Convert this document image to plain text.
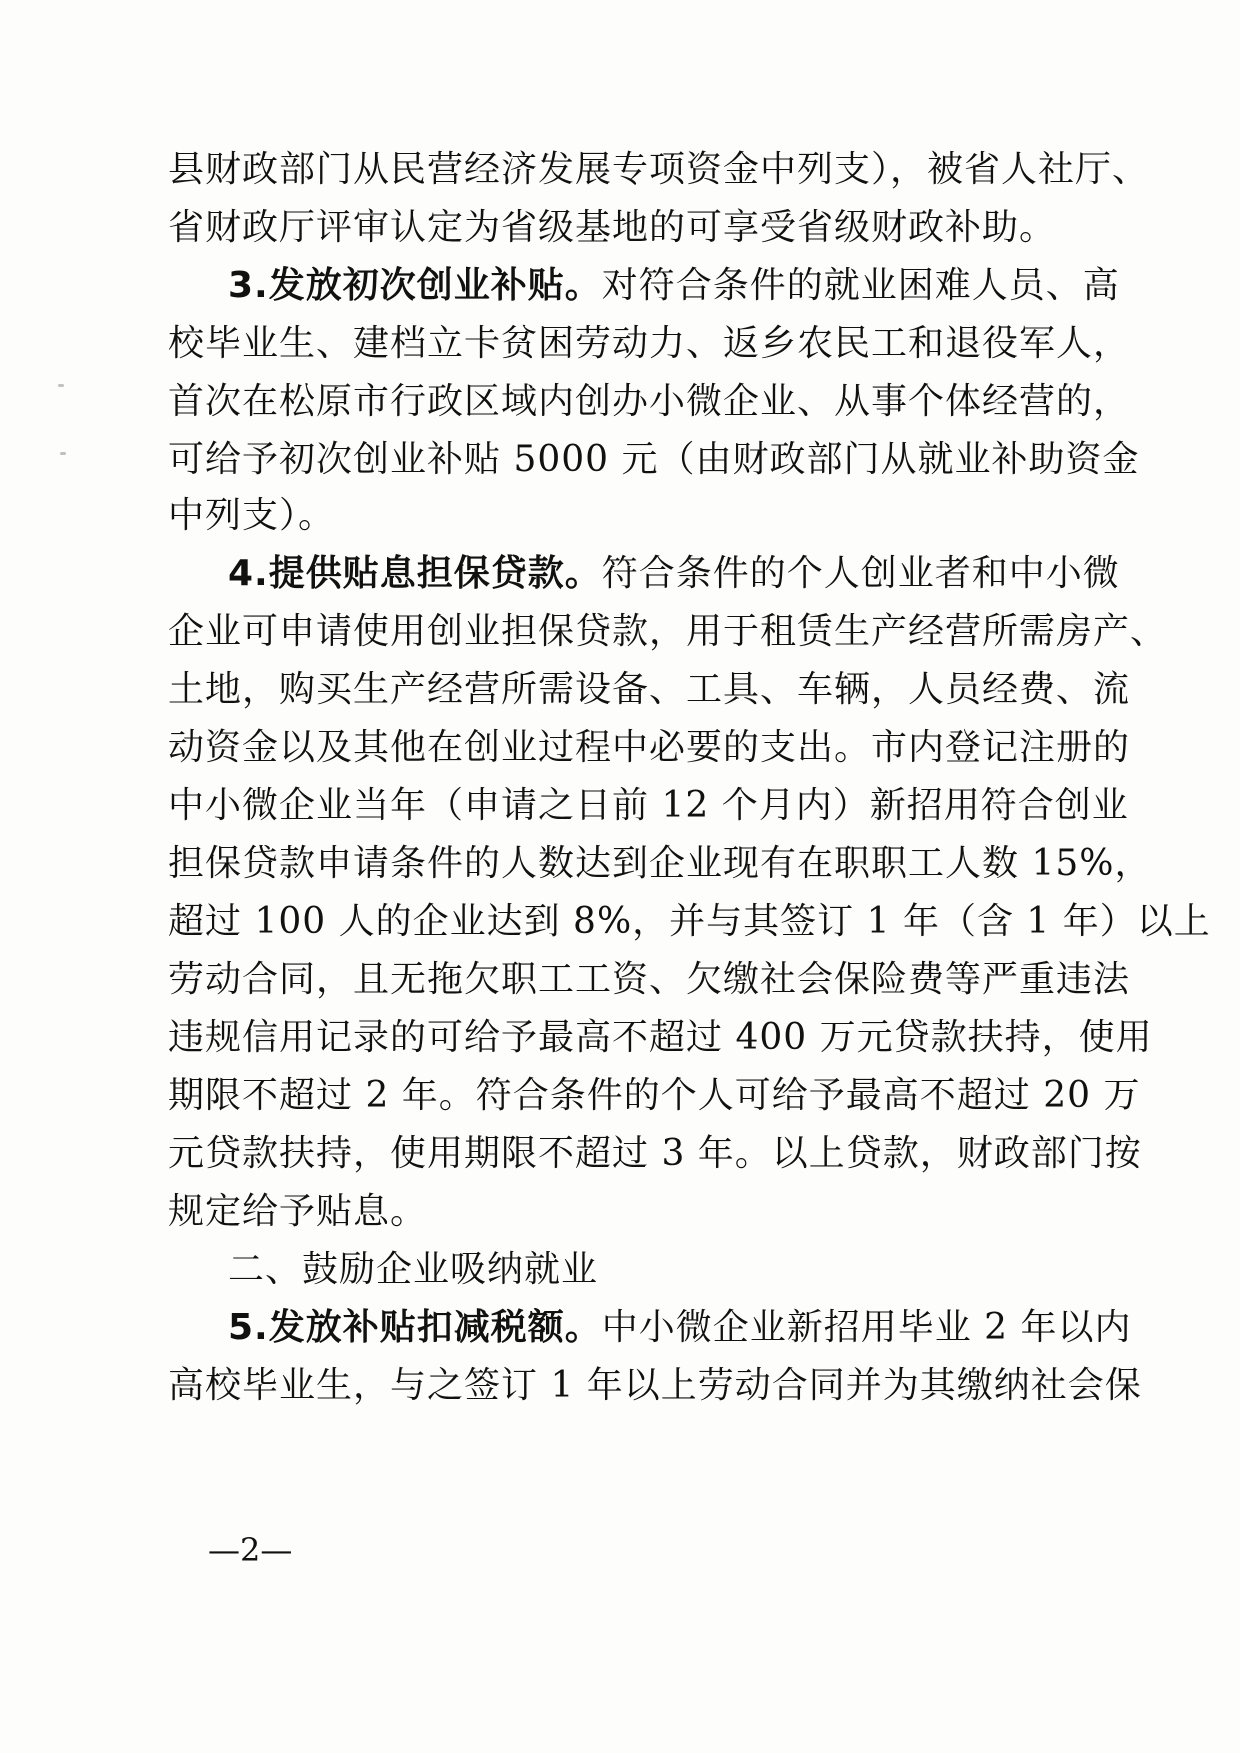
县财政部门从民营经济发展专项资金中列支），被省人社厅、
省财政厅评审认定为省级基地的可享受省级财政补助。
3.发放初次创业补贴。对符合条件的就业困难人员、高
校毕业生、建档立卡贫困劳动力、返乡农民工和退役军人，
首次在松原市行政区域内创办小微企业、从事个体经营的，
可给予初次创业补贴 5000 元（由财政部门从就业补助资金
中列支）。
4.提供贴息担保贷款。符合条件的个人创业者和中小微
企业可申请使用创业担保贷款，用于租赁生产经营所需房产、
土地，购买生产经营所需设备、工具、车辆，人员经费、流
动资金以及其他在创业过程中必要的支出。市内登记注册的
中小微企业当年（申请之日前 12 个月内）新招用符合创业
担保贷款申请条件的人数达到企业现有在职职工人数 15%，
超过 100 人的企业达到 8%，并与其签订 1 年（含 1 年）以上
劳动合同，且无拖欠职工工资、欠缴社会保险费等严重违法
违规信用记录的可给予最高不超过 400 万元贷款扶持，使用
期限不超过 2 年。符合条件的个人可给予最高不超过 20 万
元贷款扶持，使用期限不超过 3 年。以上贷款，财政部门按
规定给予贴息。
二、鼓励企业吸纳就业
5.发放补贴扣减税额。中小微企业新招用毕业 2 年以内
高校毕业生，与之签订 1 年以上劳动合同并为其缴纳社会保
—2—
